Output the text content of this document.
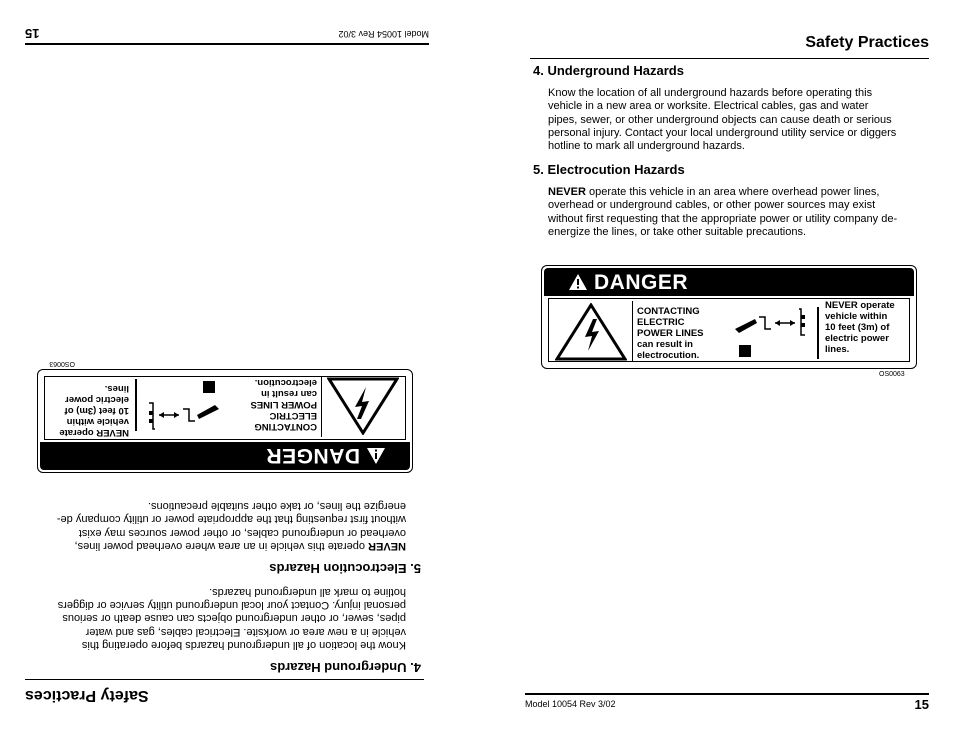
Safety Practices
4. Underground Hazards

Know the location of all underground hazards before operating this

vehicle in a new area or worksite. Electrical cables, gas and water

pipes, sewer, or other underground objects can cause death or serious

personal injury. Contact your local underground utility service or diggers

hotline to mark all underground hazards.

5. Electrocution Hazards

NEVER operate this vehicle in an area where overhead power lines,

overhead or underground cables, or other power sources may exist

without first requesting that the appropriate power or utility company de-

energize the lines, or take other suitable precautions.

DANGER
CONTACTING
ELECTRIC
POWER LINES
can result in
electrocution.
NEVER operate
vehicle within
10 feet (3m) of
electric power
lines.
OS0063
Model 10054 Rev 3/02
15
Safety Practices
4. Underground Hazards

Know the location of all underground hazards before operating this

vehicle in a new area or worksite. Electrical cables, gas and water

pipes, sewer, or other underground objects can cause death or serious

personal injury. Contact your local underground utility service or diggers

hotline to mark all underground hazards.

5. Electrocution Hazards

NEVER operate this vehicle in an area where overhead power lines,

overhead or underground cables, or other power sources may exist

without first requesting that the appropriate power or utility company de-

energize the lines, or take other suitable precautions.

DANGER
CONTACTING
ELECTRIC
POWER LINES
can result in
electrocution.
NEVER operate
vehicle within
10 feet (3m) of
electric power
lines.
OS0063
Model 10054 Rev 3/02	15
